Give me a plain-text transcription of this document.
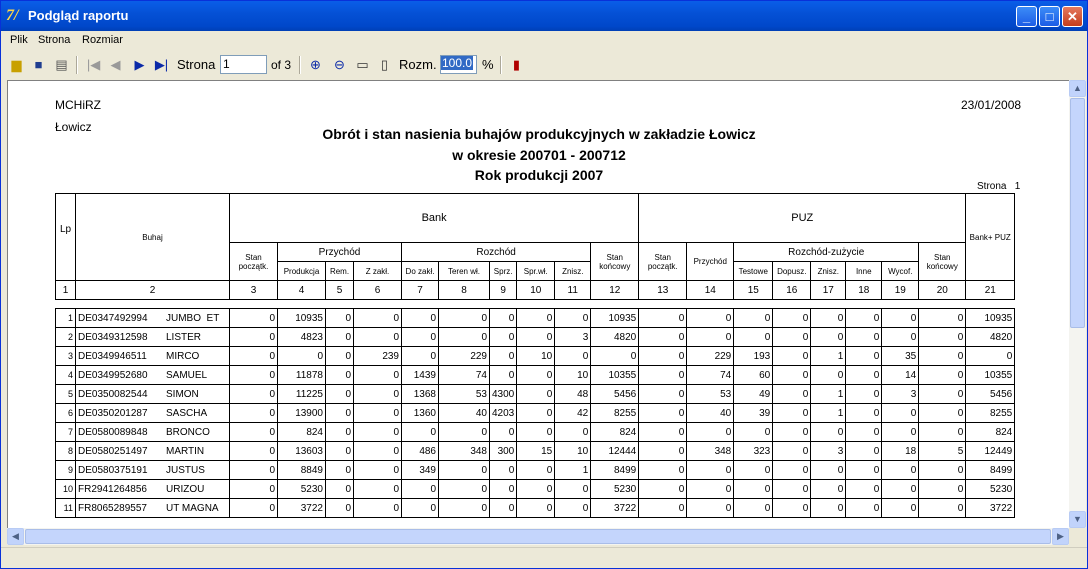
7/ Podgląd raportu	_	□	✕
Plik Strona Rozmiar
▆	■ ▤ |◀ ◀ ▶ ▶| Strona	of 3 ⊕ ⊖ ▭ ▯ Rozm.	%	▮
1	100.0
MCHiRZ
Łowicz
23/01/2008
Obrót i stan nasienia buhajów produkcyjnych w zakładzie Łowicz
w okresie 200701 - 200712
Rok produkcji 2007
Strona   1
Lp	Buhaj	Bank										PUZ								Bank+ PUZ
		Stan początk.	Przychód			Rozchód					Stan końcowy	Stan początk.	Przychód	Rozchód-zużycie					Stan końcowy	
			Produkcja	Rem.	Z zakł.	Do zakł.	Teren wł.	Sprz.	Spr.wł.	Znisz.				Testowe	Dopusz.	Znisz.	Inne	Wycof.		
1	2	3	4	5	6	7	8	9	10	11	12	13	14	15	16	17	18	19	20	21

1	DE0347492994 JUMBO  ET	0	10935	0	0	0	0	0	0	0	10935	0	0	0	0	0	0	0	0	10935
2	DE0349312598 LISTER	0	4823	0	0	0	0	0	0	3	4820	0	0	0	0	0	0	0	0	4820
3	DE0349946511 MIRCO	0	0	0	239	0	229	0	10	0	0	0	229	193	0	1	0	35	0	0
4	DE0349952680 SAMUEL	0	11878	0	0	1439	74	0	0	10	10355	0	74	60	0	0	0	14	0	10355
5	DE0350082544 SIMON	0	11225	0	0	1368	53	4300	0	48	5456	0	53	49	0	1	0	3	0	5456
6	DE0350201287 SASCHA	0	13900	0	0	1360	40	4203	0	42	8255	0	40	39	0	1	0	0	0	8255
7	DE0580089848 BRONCO	0	824	0	0	0	0	0	0	0	824	0	0	0	0	0	0	0	0	824
8	DE0580251497 MARTIN	0	13603	0	0	486	348	300	15	10	12444	0	348	323	0	3	0	18	5	12449
9	DE0580375191 JUSTUS	0	8849	0	0	349	0	0	0	1	8499	0	0	0	0	0	0	0	0	8499
10	FR2941264856 URIZOU	0	5230	0	0	0	0	0	0	0	5230	0	0	0	0	0	0	0	0	5230
11	FR8065289557 UT MAGNA	0	3722	0	0	0	0	0	0	0	3722	0	0	0	0	0	0	0	0	3722
▲
▼
◀	▶
